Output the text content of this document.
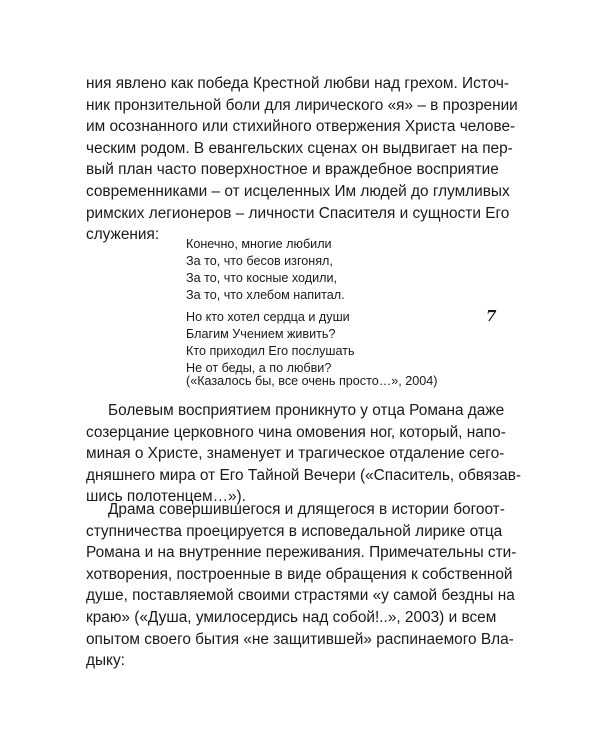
ния явлено как победа Крестной любви над грехом. Источ-
ник пронзительной боли для лирического «я» – в прозрении
им осознанного или стихийного отвержения Христа челове-
ческим родом. В евангельских сценах он выдвигает на пер-
вый план часто поверхностное и враждебное восприятие
современниками – от исцеленных Им людей до глумливых
римских легионеров – личности Спасителя и сущности Его
служения:
Конечно, многие любили
За то, что бесов изгонял,
За то, что косные ходили,
За то, что хлебом напитал.
Но кто хотел сердца и души
Благим Учением живить?
Кто приходил Его послушать
Не от беды, а по любви?
(«Казалось бы, все очень просто…», 2004)
7
Болевым восприятием проникнуто у отца Романа даже
созерцание церковного чина омовения ног, который, напо-
миная о Христе, знаменует и трагическое отдаление сего-
дняшнего мира от Его Тайной Вечери («Спаситель, обвязав-
шись полотенцем…»).
Драма совершившегося и длящегося в истории богоот-
ступничества проецируется в исповедальной лирике отца
Романа и на внутренние переживания. Примечательны сти-
хотворения, построенные в виде обращения к собственной
душе, поставляемой своими страстями «у самой бездны на
краю» («Душа, умилосердись над собой!..», 2003) и всем
опытом своего бытия «не защитившей» распинаемого Вла-
дыку:
